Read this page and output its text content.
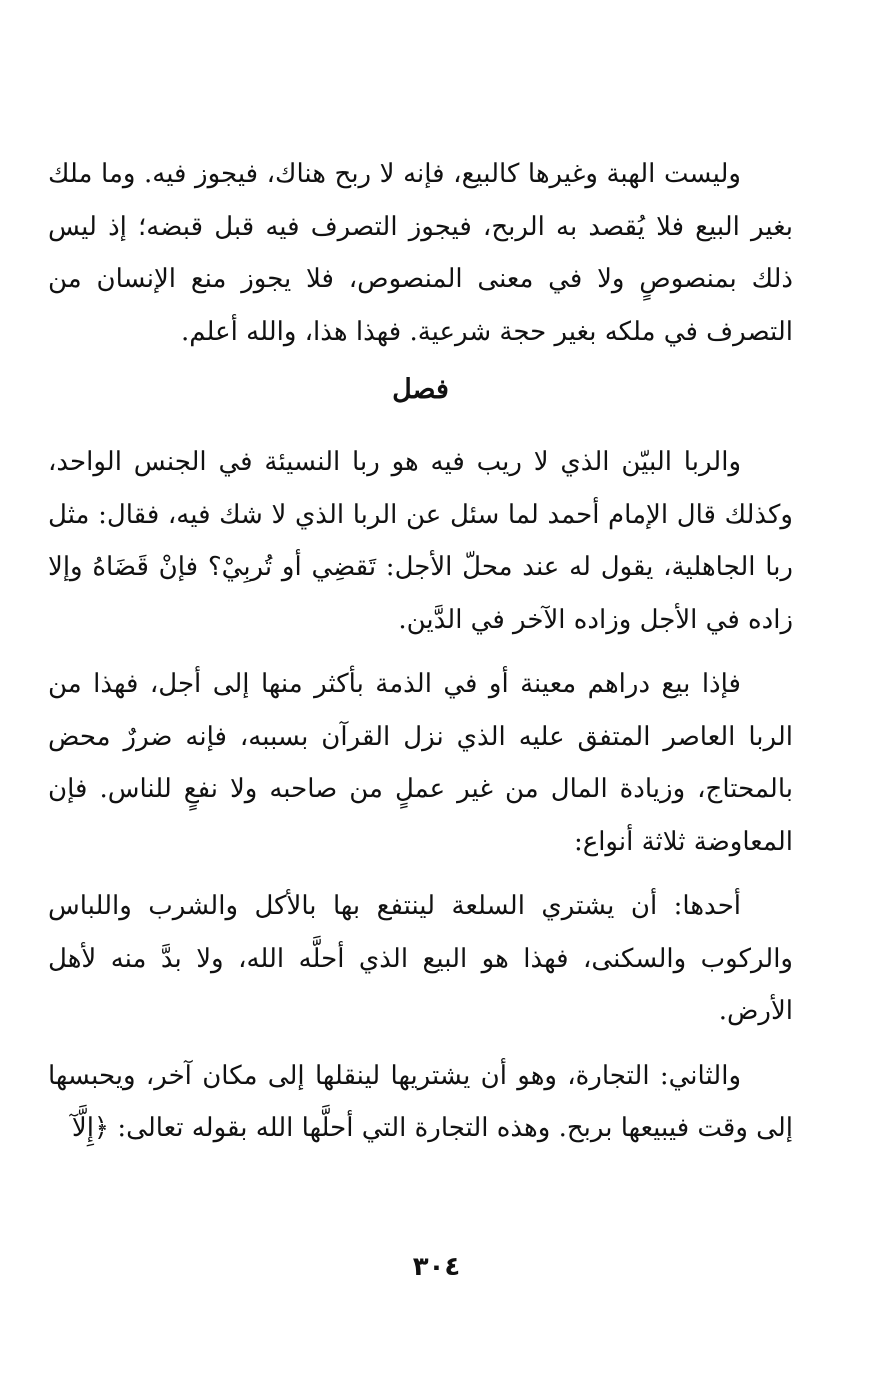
وليست الهبة وغيرها كالبيع، فإنه لا ربح هناك، فيجوز فيه. وما ملك بغير البيع فلا يُقصد به الربح، فيجوز التصرف فيه قبل قبضه؛ إذ ليس ذلك بمنصوصٍ ولا في معنى المنصوص، فلا يجوز منع الإنسان من التصرف في ملكه بغير حجة شرعية. فهذا هذا، والله أعلم.

فصل

والربا البيّن الذي لا ريب فيه هو ربا النسيئة في الجنس الواحد، وكذلك قال الإمام أحمد لما سئل عن الربا الذي لا شك فيه، فقال: مثل ربا الجاهلية، يقول له عند محلّ الأجل: تَقضِي أو تُربِيْ؟ فإنْ قَضَاهُ وإلا زاده في الأجل وزاده الآخر في الدَّين.

فإذا بيع دراهم معينة أو في الذمة بأكثر منها إلى أجل، فهذا من الربا العاصر المتفق عليه الذي نزل القرآن بسببه، فإنه ضررٌ محض بالمحتاج، وزيادة المال من غير عملٍ من صاحبه ولا نفعٍ للناس. فإن المعاوضة ثلاثة أنواع:

أحدها: أن يشتري السلعة لينتفع بها بالأكل والشرب واللباس والركوب والسكنى، فهذا هو البيع الذي أحلَّه الله، ولا بدَّ منه لأهل الأرض.

والثاني: التجارة، وهو أن يشتريها لينقلها إلى مكان آخر، ويحبسها إلى وقت فيبيعها بربح. وهذه التجارة التي أحلَّها الله بقوله تعالى: ﴿إِلَّآ

٣٠٤
